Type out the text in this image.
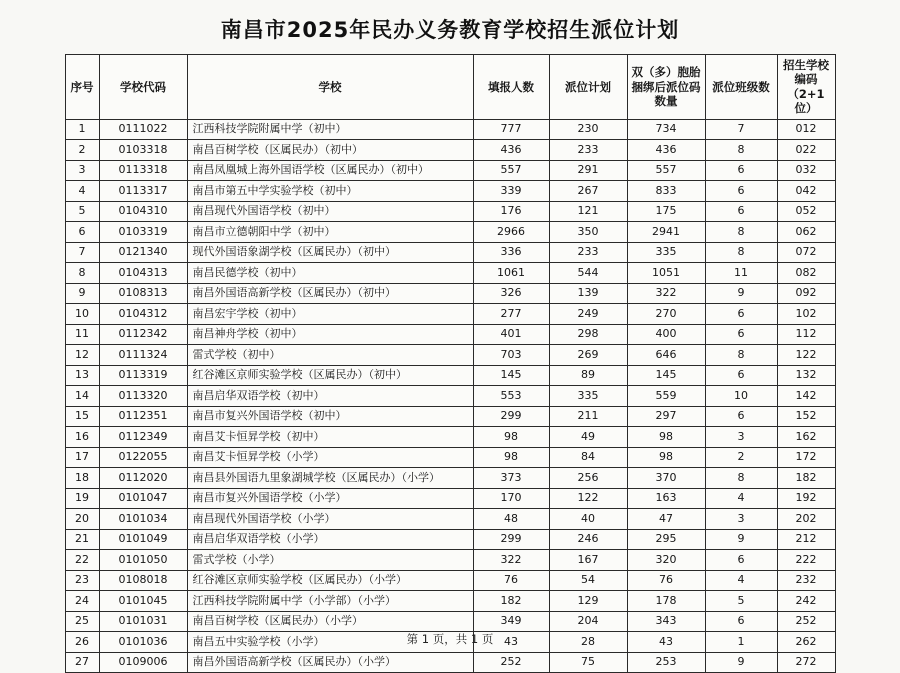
南昌市2025年民办义务教育学校招生派位计划
序号	学校代码	学校	填报人数	派位计划	双（多）胞胎捆绑后派位码数量	派位班级数	招生学校编码（2+1位）
1	0111022	江西科技学院附属中学（初中）	777	230	734	7	012
2	0103318	南昌百树学校（区属民办）（初中）	436	233	436	8	022
3	0113318	南昌凤凰城上海外国语学校（区属民办）（初中）	557	291	557	6	032
4	0113317	南昌市第五中学实验学校（初中）	339	267	833	6	042
5	0104310	南昌现代外国语学校（初中）	176	121	175	6	052
6	0103319	南昌市立德朝阳中学（初中）	2966	350	2941	8	062
7	0121340	现代外国语象湖学校（区属民办）（初中）	336	233	335	8	072
8	0104313	南昌民德学校（初中）	1061	544	1051	11	082
9	0108313	南昌外国语高新学校（区属民办）（初中）	326	139	322	9	092
10	0104312	南昌宏宇学校（初中）	277	249	270	6	102
11	0112342	南昌神舟学校（初中）	401	298	400	6	112
12	0111324	雷式学校（初中）	703	269	646	8	122
13	0113319	红谷滩区京师实验学校（区属民办）（初中）	145	89	145	6	132
14	0113320	南昌启华双语学校（初中）	553	335	559	10	142
15	0112351	南昌市复兴外国语学校（初中）	299	211	297	6	152
16	0112349	南昌艾卡恒昇学校（初中）	98	49	98	3	162
17	0122055	南昌艾卡恒昇学校（小学）	98	84	98	2	172
18	0112020	南昌县外国语九里象湖城学校（区属民办）（小学）	373	256	370	8	182
19	0101047	南昌市复兴外国语学校（小学）	170	122	163	4	192
20	0101034	南昌现代外国语学校（小学）	48	40	47	3	202
21	0101049	南昌启华双语学校（小学）	299	246	295	9	212
22	0101050	雷式学校（小学）	322	167	320	6	222
23	0108018	红谷滩区京师实验学校（区属民办）（小学）	76	54	76	4	232
24	0101045	江西科技学院附属中学（小学部）（小学）	182	129	178	5	242
25	0101031	南昌百树学校（区属民办）（小学）	349	204	343	6	252
26	0101036	南昌五中实验学校（小学）	43	28	43	1	262
27	0109006	南昌外国语高新学校（区属民办）（小学）	252	75	253	9	272
第 1 页，共 1 页
